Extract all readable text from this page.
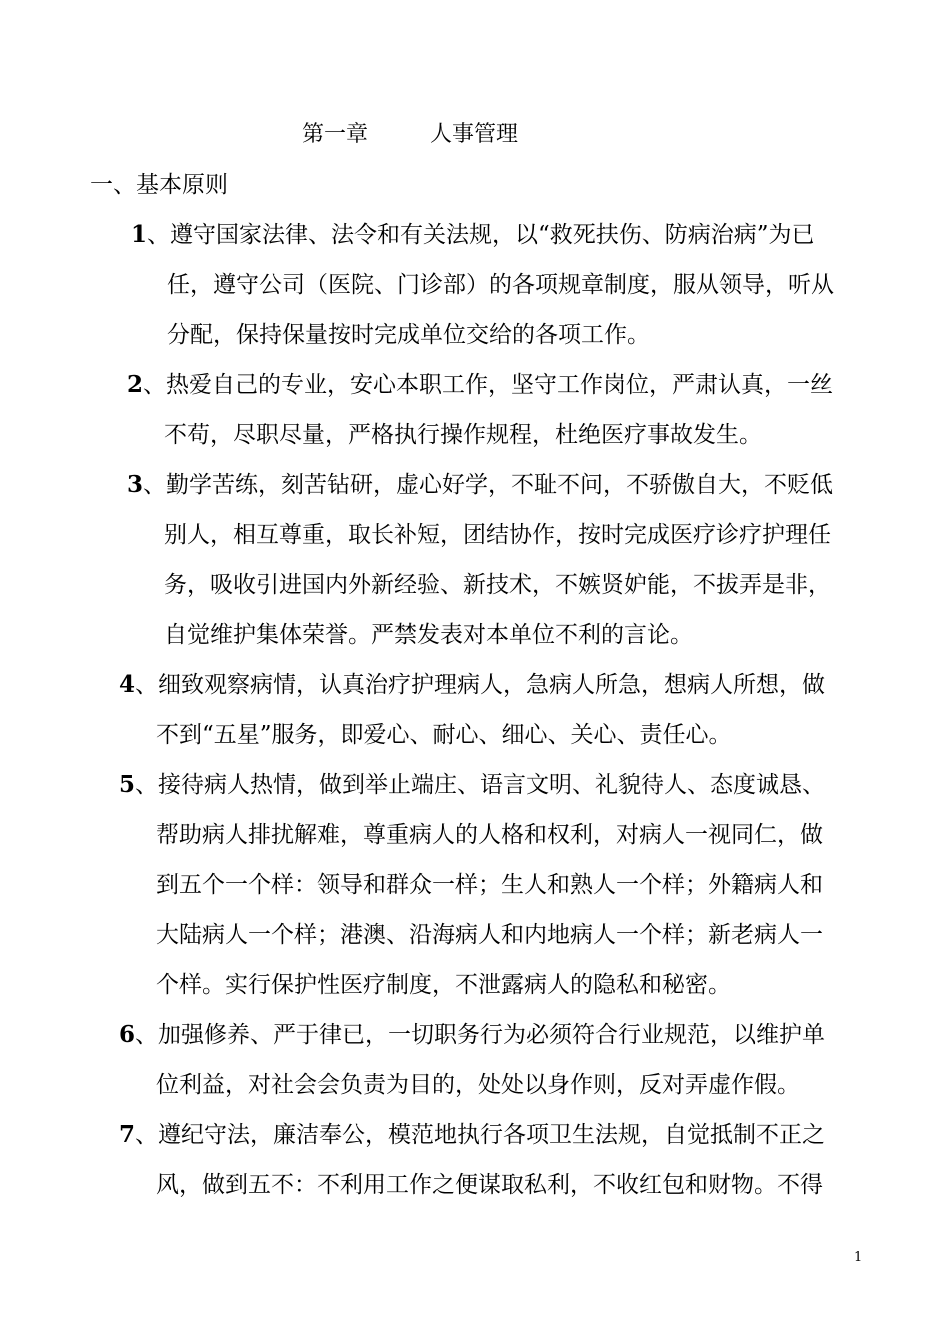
第一章	人事管理
一、基本原则
1、遵守国家法律、法令和有关法规，以“救死扶伤、防病治病”为已
任，遵守公司（医院、门诊部）的各项规章制度，服从领导，听从
分配，保持保量按时完成单位交给的各项工作。
2、热爱自己的专业，安心本职工作，坚守工作岗位，严肃认真，一丝
不苟，尽职尽量，严格执行操作规程，杜绝医疗事故发生。
3、勤学苦练，刻苦钻研，虚心好学，不耻不问，不骄傲自大，不贬低
别人，相互尊重，取长补短，团结协作，按时完成医疗诊疗护理任
务，吸收引进国内外新经验、新技术，不嫉贤妒能，不拔弄是非，
自觉维护集体荣誉。严禁发表对本单位不利的言论。
4、细致观察病情，认真治疗护理病人，急病人所急，想病人所想，做
不到“五星”服务，即爱心、耐心、细心、关心、责任心。
5、接待病人热情，做到举止端庄、语言文明、礼貌待人、态度诚恳、
帮助病人排扰解难，尊重病人的人格和权利，对病人一视同仁，做
到五个一个样：领导和群众一样；生人和熟人一个样；外籍病人和
大陆病人一个样；港澳、沿海病人和内地病人一个样；新老病人一
个样。实行保护性医疗制度，不泄露病人的隐私和秘密。
6、加强修养、严于律已，一切职务行为必须符合行业规范，以维护单
位利益，对社会会负责为目的，处处以身作则，反对弄虚作假。
7、遵纪守法，廉洁奉公，模范地执行各项卫生法规，自觉抵制不正之
风，做到五不：不利用工作之便谋取私利，不收红包和财物。不得
1
